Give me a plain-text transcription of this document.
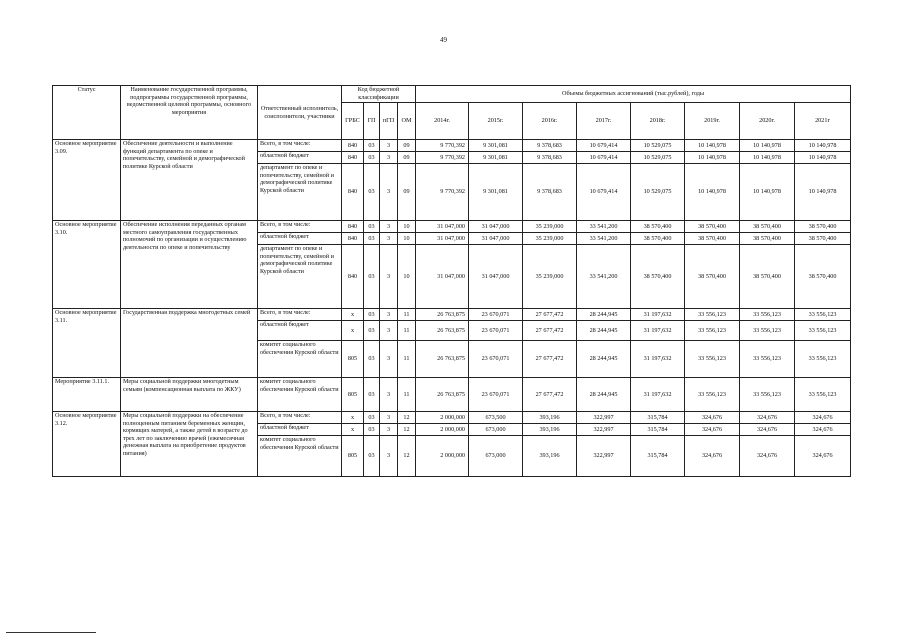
49
Статус	Наименование государственной программы, подпрограммы государственной программы, ведомственной целевой программы, основного мероприятия	Ответственный исполнитель, соисполнители, участники	Код бюджетной классификации				Объемы бюджетных ассигнований (тыс.рублей), годы							
			ГРБС	ГП	пГП	ОМ	2014г.	2015г.	2016г.	2017г.	2018г.	2019г.	2020г.	2021г
Основное мероприятие 3.09.	Обеспечение деятельности и выполнение функций департамента по опеке и попечительству, семейной и демографической политике Курской области	Всего, в том числе:	840	03	3	09	9 770,392	9 301,081	9 378,683	10 679,414	10 529,075	10 140,978	10 140,978	10 140,978
		областной бюджет	840	03	3	09	9 770,392	9 301,081	9 378,683	10 679,414	10 529,075	10 140,978	10 140,978	10 140,978
		департамент по опеке и попечительству, семейной и демографической политике Курской области	840	03	3	09	9 770,392	9 301,081	9 378,683	10 679,414	10 529,075	10 140,978	10 140,978	10 140,978
Основное мероприятие 3.10.	Обеспечение исполнения переданных органам местного самоуправления государственных полномочий по организации и осуществлению деятельности по опеке и попечительству	Всего, в том числе:	840	03	3	10	31 047,000	31 047,000	35 239,000	33 541,200	38 570,400	38 570,400	38 570,400	38 570,400
		областной бюджет	840	03	3	10	31 047,000	31 047,000	35 239,000	33 541,200	38 570,400	38 570,400	38 570,400	38 570,400
		департамент по опеке и попечительству, семейной и демографической политике Курской области	840	03	3	10	31 047,000	31 047,000	35 239,000	33 541,200	38 570,400	38 570,400	38 570,400	38 570,400
Основное мероприятие 3.11.	Государственная поддержка многодетных семей	Всего, в том числе:	х	03	3	11	26 763,875	23 670,071	27 677,472	28 244,945	31 197,632	33 556,123	33 556,123	33 556,123
		областной бюджет	х	03	3	11	26 763,875	23 670,071	27 677,472	28 244,945	31 197,632	33 556,123	33 556,123	33 556,123
		комитет социального обеспечения Курской области	805	03	3	11	26 763,875	23 670,071	27 677,472	28 244,945	31 197,632	33 556,123	33 556,123	33 556,123
Мероприятие 3.11.1.	Меры социальной поддержки многодетным семьям (компенсационная выплата по ЖКУ)	комитет социального обеспечения Курской области	805	03	3	11	26 763,875	23 670,071	27 677,472	28 244,945	31 197,632	33 556,123	33 556,123	33 556,123
Основное мероприятие 3.12.	Меры социальной поддержки на обеспечение полноценным питанием беременных женщин, кормящих матерей, а также детей в возрасте до трех лет по заключению врачей (ежемесячная денежная выплата на приобретение продуктов питания)	Всего, в том числе:	х	03	3	12	2 000,000	673,500	393,196	322,997	315,784	324,676	324,676	324,676
		областной бюджет	х	03	3	12	2 000,000	673,000	393,196	322,997	315,784	324,676	324,676	324,676
		комитет социального обеспечения Курской области	805	03	3	12	2 000,000	673,000	393,196	322,997	315,784	324,676	324,676	324,676
